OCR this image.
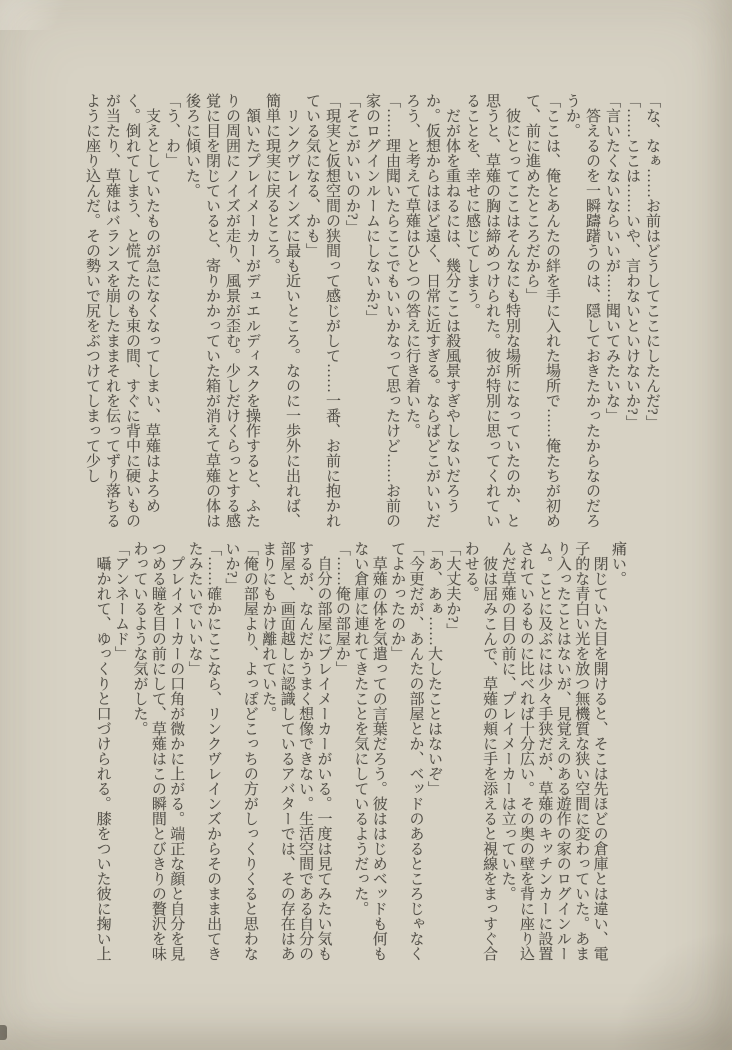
「な、なぁ……お前はどうしてここにしたんだ?」

「……ここは……いや、言わないといけないか?」

「言いたくないならいいが……聞いてみたいな」

答えるのを一瞬躊躇うのは、隠しておきたかったからなのだろうか。

「ここは、俺とあんたの絆を手に入れた場所で……俺たちが初めて、前に進めたところだから」

彼にとってここはそんなにも特別な場所になっていたのか、と思うと、草薙の胸は締めつけられた。彼が特別に思ってくれていることを、幸せに感じてしまう。

だが体を重ねるには、幾分ここは殺風景すぎやしないだろうか。仮想からはほど遠く、日常に近すぎる。ならばどこがいいだろう、と考えて草薙はひとつの答えに行き着いた。

「……理由聞いたらここでもいいかなって思ったけど……お前の家のログインルームにしないか?」

「そこがいいのか?」

「現実と仮想空間の狭間って感じがして……一番、お前に抱かれている気になる、かも」

リンクヴレインズに最も近いところ。なのに一歩外に出れば、簡単に現実に戻るところ。

頷いたプレイメーカーがデュエルディスクを操作すると、ふたりの周囲にノイズが走り、風景が歪む。少しだけくらっとする感覚に目を閉じていると、寄りかかっていた箱が消えて草薙の体は後ろに傾いた。

「う、わ」

支えとしていたものが急になくなってしまい、草薙はよろめく。倒れてしまう、と慌てたのも束の間、すぐに背中に硬いものが当たり、草薙はバランスを崩したままそれを伝ってずり落ちるように座り込んだ。その勢いで尻をぶつけてしまって少し

痛い。

閉じていた目を開けると、そこは先ほどの倉庫とは違い、電子的な青白い光を放つ無機質な狭い空間に変わっていた。あまり入ったことはないが、見覚えのある遊作の家のログインルーム。ことに及ぶには少々手狭だが、草薙のキッチンカーに設置されているものに比べれば十分広い。その奥の壁を背に座り込んだ草薙の目の前に、プレイメーカーは立っていた。

彼は屈みこんで、草薙の頬に手を添えると視線をまっすぐ合わせる。

「大丈夫か?」

「あ、あぁ……大したことはないぞ」

「今更だが、あんたの部屋とか、ベッドのあるところじゃなくてよかったのか」

草薙の体を気遣っての言葉だろう。彼ははじめベッドも何もない倉庫に連れてきたことを気にしているようだった。

「……俺の部屋か」

自分の部屋にプレイメーカーがいる。一度は見てみたい気もするが、なんだかうまく想像できない。生活空間である自分の部屋と、画面越しに認識しているアバターでは、その存在はあまりにもかけ離れていた。

「俺の部屋より、よっぽどこっちの方がしっくりくると思わないか?」

「……確かにここなら、リンクヴレインズからそのまま出てきたみたいでいいな」

プレイメーカーの口角が微かに上がる。端正な顔と自分を見つめる瞳を目の前にして、草薙はこの瞬間とびきりの贅沢を味わっているような気がした。

「アンネームド」

囁かれて、ゆっくりと口づけられる。膝をついた彼に掬い上
